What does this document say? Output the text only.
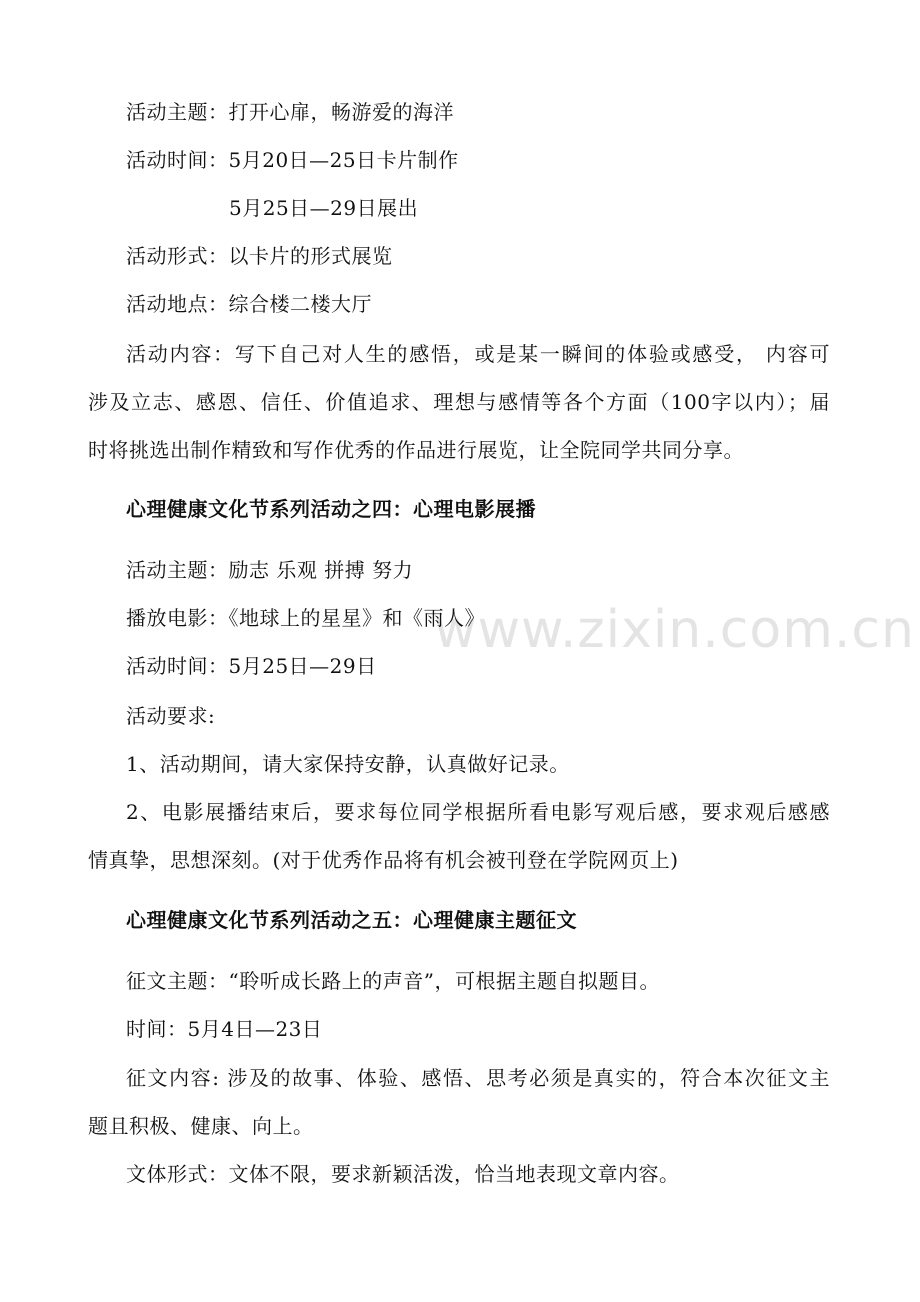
www.zixin.com.cn
活动主题：打开心扉，畅游爱的海洋
活动时间：5月20日—25日卡片制作
5月25日—29日展出
活动形式：以卡片的形式展览
活动地点：综合楼二楼大厅
活动内容：写下自己对人生的感悟，或是某一瞬间的体验或感受， 内容可
涉及立志、感恩、信任、价值追求、理想与感情等各个方面（100字以内）；届
时将挑选出制作精致和写作优秀的作品进行展览，让全院同学共同分享。
心理健康文化节系列活动之四：心理电影展播
活动主题：励志 乐观 拼搏 努力
播放电影：《地球上的星星》和《雨人》
活动时间：5月25日—29日
活动要求:
1、活动期间，请大家保持安静，认真做好记录。
2、电影展播结束后，要求每位同学根据所看电影写观后感，要求观后感感
情真挚，思想深刻。(对于优秀作品将有机会被刊登在学院网页上)
心理健康文化节系列活动之五：心理健康主题征文
征文主题：“聆听成长路上的声音”，可根据主题自拟题目。
时间：5月4日—23日
征文内容: 涉及的故事、体验、感悟、思考必须是真实的，符合本次征文主
题且积极、健康、向上。
文体形式：文体不限，要求新颖活泼，恰当地表现文章内容。
